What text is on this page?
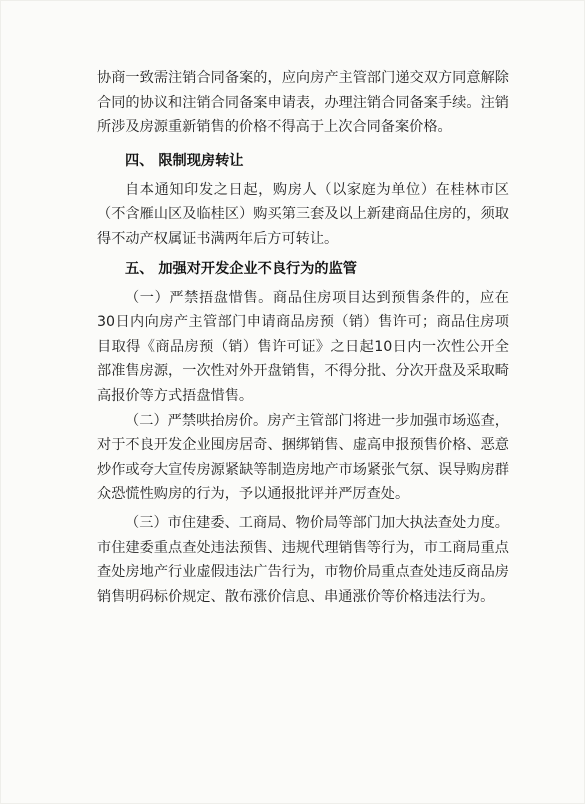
协商一致需注销合同备案的，应向房产主管部门递交双方同意解除合同的协议和注销合同备案申请表，办理注销合同备案手续。注销所涉及房源重新销售的价格不得高于上次合同备案价格。

四、 限制现房转让

自本通知印发之日起，购房人（以家庭为单位）在桂林市区（不含雁山区及临桂区）购买第三套及以上新建商品住房的，须取得不动产权属证书满两年后方可转让。

五、 加强对开发企业不良行为的监管

（一）严禁捂盘惜售。商品住房项目达到预售条件的，应在30日内向房产主管部门申请商品房预（销）售许可；商品住房项目取得《商品房预（销）售许可证》之日起10日内一次性公开全部准售房源，一次性对外开盘销售，不得分批、分次开盘及采取畸高报价等方式捂盘惜售。

（二）严禁哄抬房价。房产主管部门将进一步加强市场巡查，对于不良开发企业囤房居奇、捆绑销售、虚高申报预售价格、恶意炒作或夸大宣传房源紧缺等制造房地产市场紧张气氛、误导购房群众恐慌性购房的行为，予以通报批评并严厉查处。

（三）市住建委、工商局、物价局等部门加大执法查处力度。市住建委重点查处违法预售、违规代理销售等行为，市工商局重点查处房地产行业虚假违法广告行为，市物价局重点查处违反商品房销售明码标价规定、散布涨价信息、串通涨价等价格违法行为。
